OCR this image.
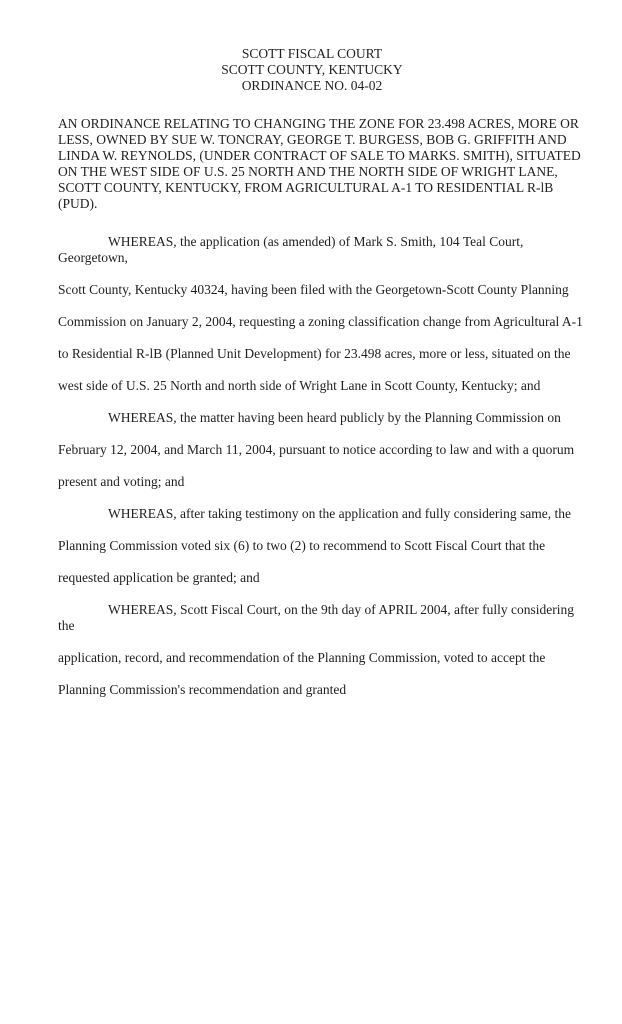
SCOTT FISCAL COURT
SCOTT COUNTY, KENTUCKY
ORDINANCE NO. 04-02
AN ORDINANCE RELATING TO CHANGING THE ZONE FOR 23.498 ACRES, MORE OR
LESS, OWNED BY SUE W. TONCRAY, GEORGE T. BURGESS, BOB G. GRIFFITH AND
LINDA W. REYNOLDS, (UNDER CONTRACT OF SALE TO MARKS. SMITH), SITUATED
ON THE WEST SIDE OF U.S. 25 NORTH AND THE NORTH SIDE OF WRIGHT LANE,
SCOTT COUNTY, KENTUCKY, FROM AGRICULTURAL A-1 TO RESIDENTIAL R-lB
(PUD).
WHEREAS, the application (as amended) of Mark S. Smith, 104 Teal Court,
Georgetown,
Scott County, Kentucky 40324, having been filed with the Georgetown-Scott County Planning
Commission on January 2, 2004, requesting a zoning classification change from Agricultural A-1
to Residential R-lB (Planned Unit Development) for 23.498 acres, more or less, situated on the
west side of U.S. 25 North and north side of Wright Lane in Scott County, Kentucky; and
WHEREAS, the matter having been heard publicly by the Planning Commission on
February 12, 2004, and March 11, 2004, pursuant to notice according to law and with a quorum
present and voting; and
WHEREAS, after taking testimony on the application and fully considering same, the
Planning Commission voted six (6) to two (2) to recommend to Scott Fiscal Court that the
requested application be granted; and
WHEREAS, Scott Fiscal Court, on the 9th day of APRIL 2004, after fully considering
the
application, record, and recommendation of the Planning Commission, voted to accept the
Planning Commission's recommendation and granted
